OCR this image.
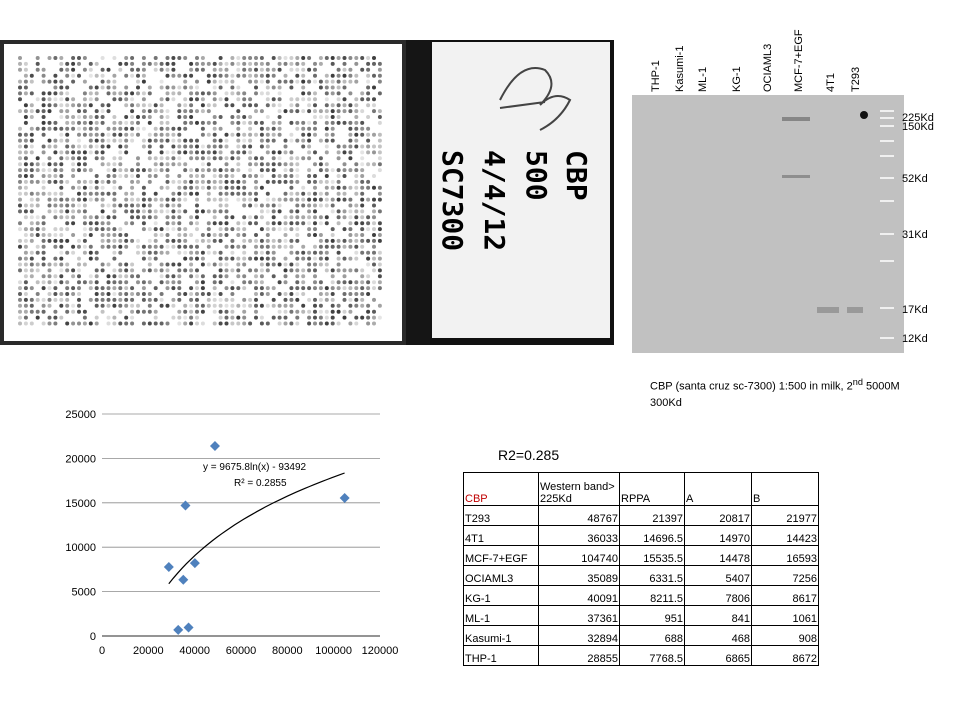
CBP
500
4/4/12
SC7300
THP-1 Kasumi-1 ML-1 KG-1 OCIAML3 MCF-7+EGF 4T1 T293
225Kd
150Kd
52Kd
31Kd
17Kd
12Kd
CBP (santa cruz sc-7300) 1:500 in milk, 2nd 5000M
300Kd
0
5000
10000
15000
20000
25000
0	20000 40000 60000 80000 100000 120000
y = 9675.8ln(x) - 93492
R² = 0.2855
R2=0.285
CBP	Western band> 225Kd	RPPA	A	B
T293	48767	21397	20817	21977
4T1	36033	14696.5	14970	14423
MCF-7+EGF	104740	15535.5	14478	16593
OCIAML3	35089	6331.5	5407	7256
KG-1	40091	8211.5	7806	8617
ML-1	37361	951	841	1061
Kasumi-1	32894	688	468	908
THP-1	28855	7768.5	6865	8672
